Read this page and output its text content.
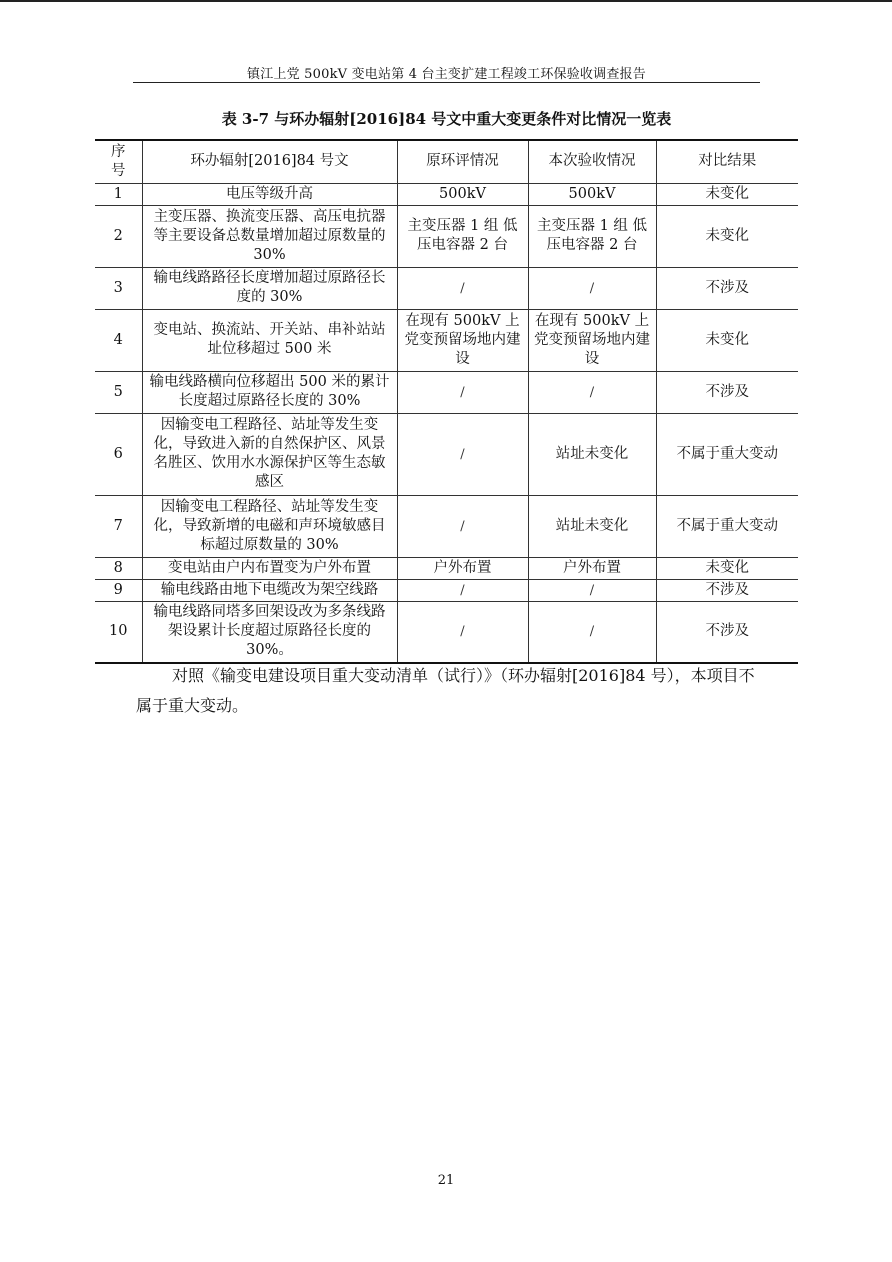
镇江上党 500kV 变电站第 4 台主变扩建工程竣工环保验收调查报告
表 3-7 与环办辐射[2016]84 号文中重大变更条件对比情况一览表
序号	环办辐射[2016]84 号文	原环评情况	本次验收情况	对比结果
1	电压等级升高	500kV	500kV	未变化
2	主变压器、换流变压器、高压电抗器等主要设备总数量增加超过原数量的 30%	主变压器 1 组 低压电容器 2 台	主变压器 1 组 低压电容器 2 台	未变化
3	输电线路路径长度增加超过原路径长度的 30%	/	/	不涉及
4	变电站、换流站、开关站、串补站站址位移超过 500 米	在现有 500kV 上党变预留场地内建设	在现有 500kV 上党变预留场地内建设	未变化
5	输电线路横向位移超出 500 米的累计长度超过原路径长度的 30%	/	/	不涉及
6	因输变电工程路径、站址等发生变化，导致进入新的自然保护区、风景名胜区、饮用水水源保护区等生态敏感区	/	站址未变化	不属于重大变动
7	因输变电工程路径、站址等发生变化，导致新增的电磁和声环境敏感目标超过原数量的 30%	/	站址未变化	不属于重大变动
8	变电站由户内布置变为户外布置	户外布置	户外布置	未变化
9	输电线路由地下电缆改为架空线路	/	/	不涉及
10	输电线路同塔多回架设改为多条线路架设累计长度超过原路径长度的 30%。	/	/	不涉及

对照《输变电建设项目重大变动清单（试行）》（环办辐射[2016]84 号），本项目不属于重大变动。

21
